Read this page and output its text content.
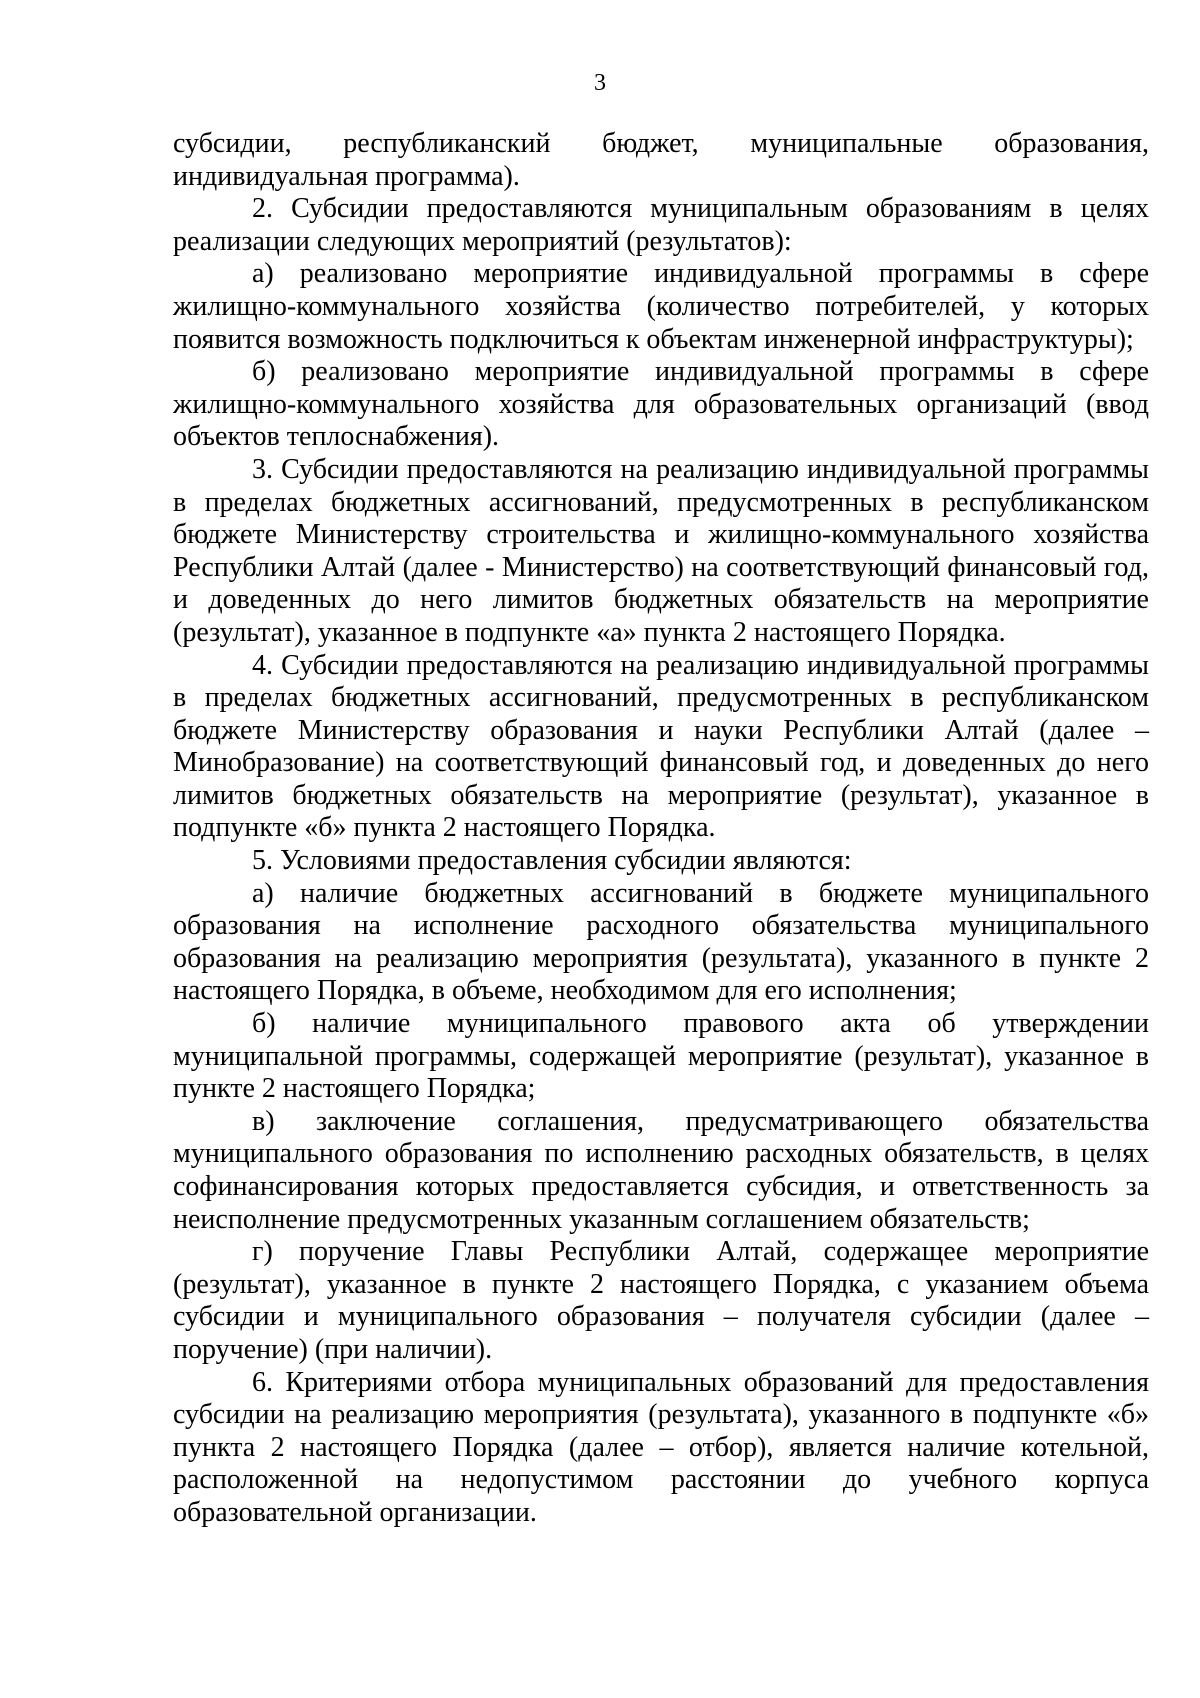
3

субсидии, республиканский бюджет, муниципальные образования, индивидуальная программа).

2. Субсидии предоставляются муниципальным образованиям в целях реализации следующих мероприятий (результатов):

а) реализовано мероприятие индивидуальной программы в сфере жилищно-коммунального хозяйства (количество потребителей, у которых появится возможность подключиться к объектам инженерной инфраструктуры);

б) реализовано мероприятие индивидуальной программы в сфере жилищно-коммунального хозяйства для образовательных организаций (ввод объектов теплоснабжения).

3. Субсидии предоставляются на реализацию индивидуальной программы в пределах бюджетных ассигнований, предусмотренных в республиканском бюджете Министерству строительства и жилищно-коммунального хозяйства Республики Алтай (далее - Министерство) на соответствующий финансовый год, и доведенных до него лимитов бюджетных обязательств на мероприятие (результат), указанное в подпункте «а» пункта 2 настоящего Порядка.

4. Субсидии предоставляются на реализацию индивидуальной программы в пределах бюджетных ассигнований, предусмотренных в республиканском бюджете Министерству образования и науки Республики Алтай (далее – Минобразование) на соответствующий финансовый год, и доведенных до него лимитов бюджетных обязательств на мероприятие (результат), указанное в подпункте «б» пункта 2 настоящего Порядка.

5. Условиями предоставления субсидии являются:

а) наличие бюджетных ассигнований в бюджете муниципального образования на исполнение расходного обязательства муниципального образования на реализацию мероприятия (результата), указанного в пункте 2 настоящего Порядка, в объеме, необходимом для его исполнения;

б) наличие муниципального правового акта об утверждении муниципальной программы, содержащей мероприятие (результат), указанное в пункте 2 настоящего Порядка;

в) заключение соглашения, предусматривающего обязательства муниципального образования по исполнению расходных обязательств, в целях софинансирования которых предоставляется субсидия, и ответственность за неисполнение предусмотренных указанным соглашением обязательств;

г) поручение Главы Республики Алтай, содержащее мероприятие (результат), указанное в пункте 2 настоящего Порядка, с указанием объема субсидии и муниципального образования – получателя субсидии (далее – поручение) (при наличии).

6. Критериями отбора муниципальных образований для предоставления субсидии на реализацию мероприятия (результата), указанного в подпункте «б» пункта 2 настоящего Порядка (далее – отбор), является наличие котельной, расположенной на недопустимом расстоянии до учебного корпуса образовательной организации.
